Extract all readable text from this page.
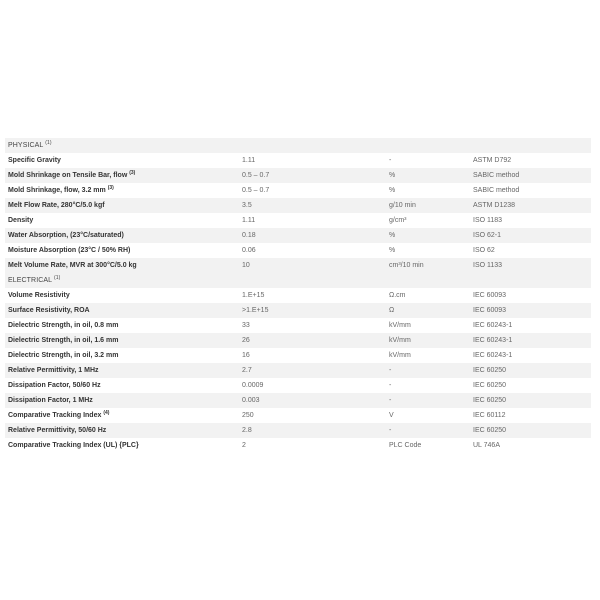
PHYSICAL $^{(1)}$
Specific Gravity	1.11	-	ASTM D792
Mold Shrinkage on Tensile Bar, flow $^{(3)}$	0.5 – 0.7	%	SABIC method
Mold Shrinkage, flow, 3.2 mm $^{(3)}$	0.5 – 0.7	%	SABIC method
Melt Flow Rate, 280°C/5.0 kgf	3.5	g/10 min	ASTM D1238
Density	1.11	g/cm³	ISO 1183
Water Absorption, (23°C/saturated)	0.18	%	ISO 62-1
Moisture Absorption (23°C / 50% RH)	0.06	%	ISO 62
Melt Volume Rate, MVR at 300°C/5.0 kg	10	cm³/10 min	ISO 1133
ELECTRICAL $^{(1)}$
Volume Resistivity	1.E+15	Ω.cm	IEC 60093
Surface Resistivity, ROA	>1.E+15	Ω	IEC 60093
Dielectric Strength, in oil, 0.8 mm	33	kV/mm	IEC 60243-1
Dielectric Strength, in oil, 1.6 mm	26	kV/mm	IEC 60243-1
Dielectric Strength, in oil, 3.2 mm	16	kV/mm	IEC 60243-1
Relative Permittivity, 1 MHz	2.7	-	IEC 60250
Dissipation Factor, 50/60 Hz	0.0009	-	IEC 60250
Dissipation Factor, 1 MHz	0.003	-	IEC 60250
Comparative Tracking Index $^{(4)}$	250	V	IEC 60112
Relative Permittivity, 50/60 Hz	2.8	-	IEC 60250
Comparative Tracking Index (UL) {PLC}	2	PLC Code	UL 746A
